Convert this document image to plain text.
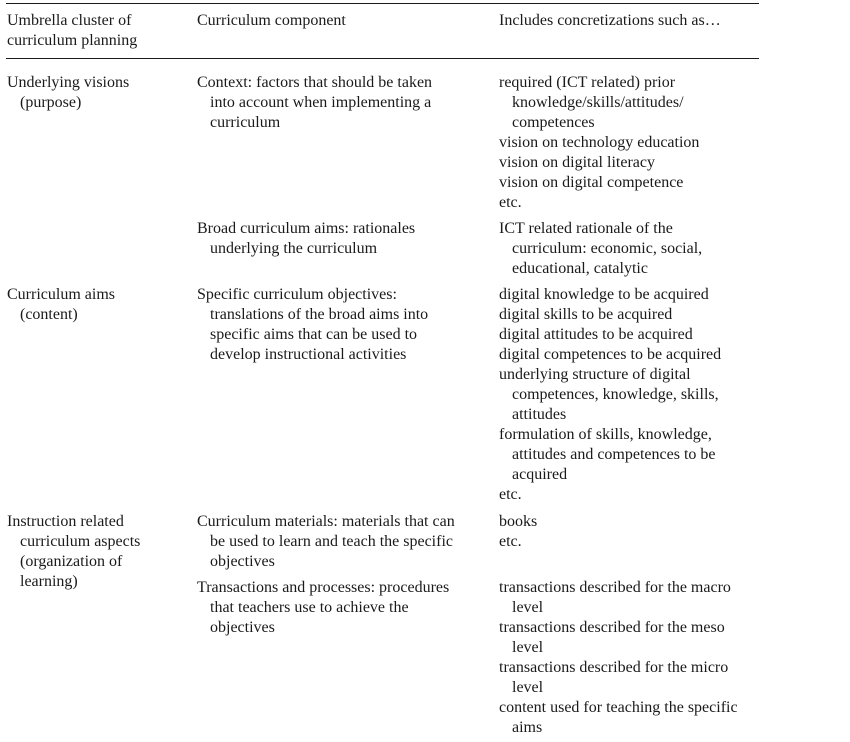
Umbrella cluster of
curriculum planning
Curriculum component	Includes concretizations such as…
Underlying visions
(purpose)
Context: factors that should be taken
into account when implementing a
curriculum
required (ICT related) prior
knowledge/skills/attitudes/
competences
vision on technology education
vision on digital literacy
vision on digital competence
etc.
Broad curriculum aims: rationales
underlying the curriculum
ICT related rationale of the
curriculum: economic, social,
educational, catalytic
Curriculum aims
(content)
Specific curriculum objectives:
translations of the broad aims into
specific aims that can be used to
develop instructional activities
digital knowledge to be acquired
digital skills to be acquired
digital attitudes to be acquired
digital competences to be acquired
underlying structure of digital
competences, knowledge, skills,
attitudes
formulation of skills, knowledge,
attitudes and competences to be
acquired
etc.
Instruction related
curriculum aspects
(organization of
learning)
Curriculum materials: materials that can
be used to learn and teach the specific
objectives
books
etc.
Transactions and processes: procedures
that teachers use to achieve the
objectives
transactions described for the macro
level
transactions described for the meso
level
transactions described for the micro
level
content used for teaching the specific
aims
